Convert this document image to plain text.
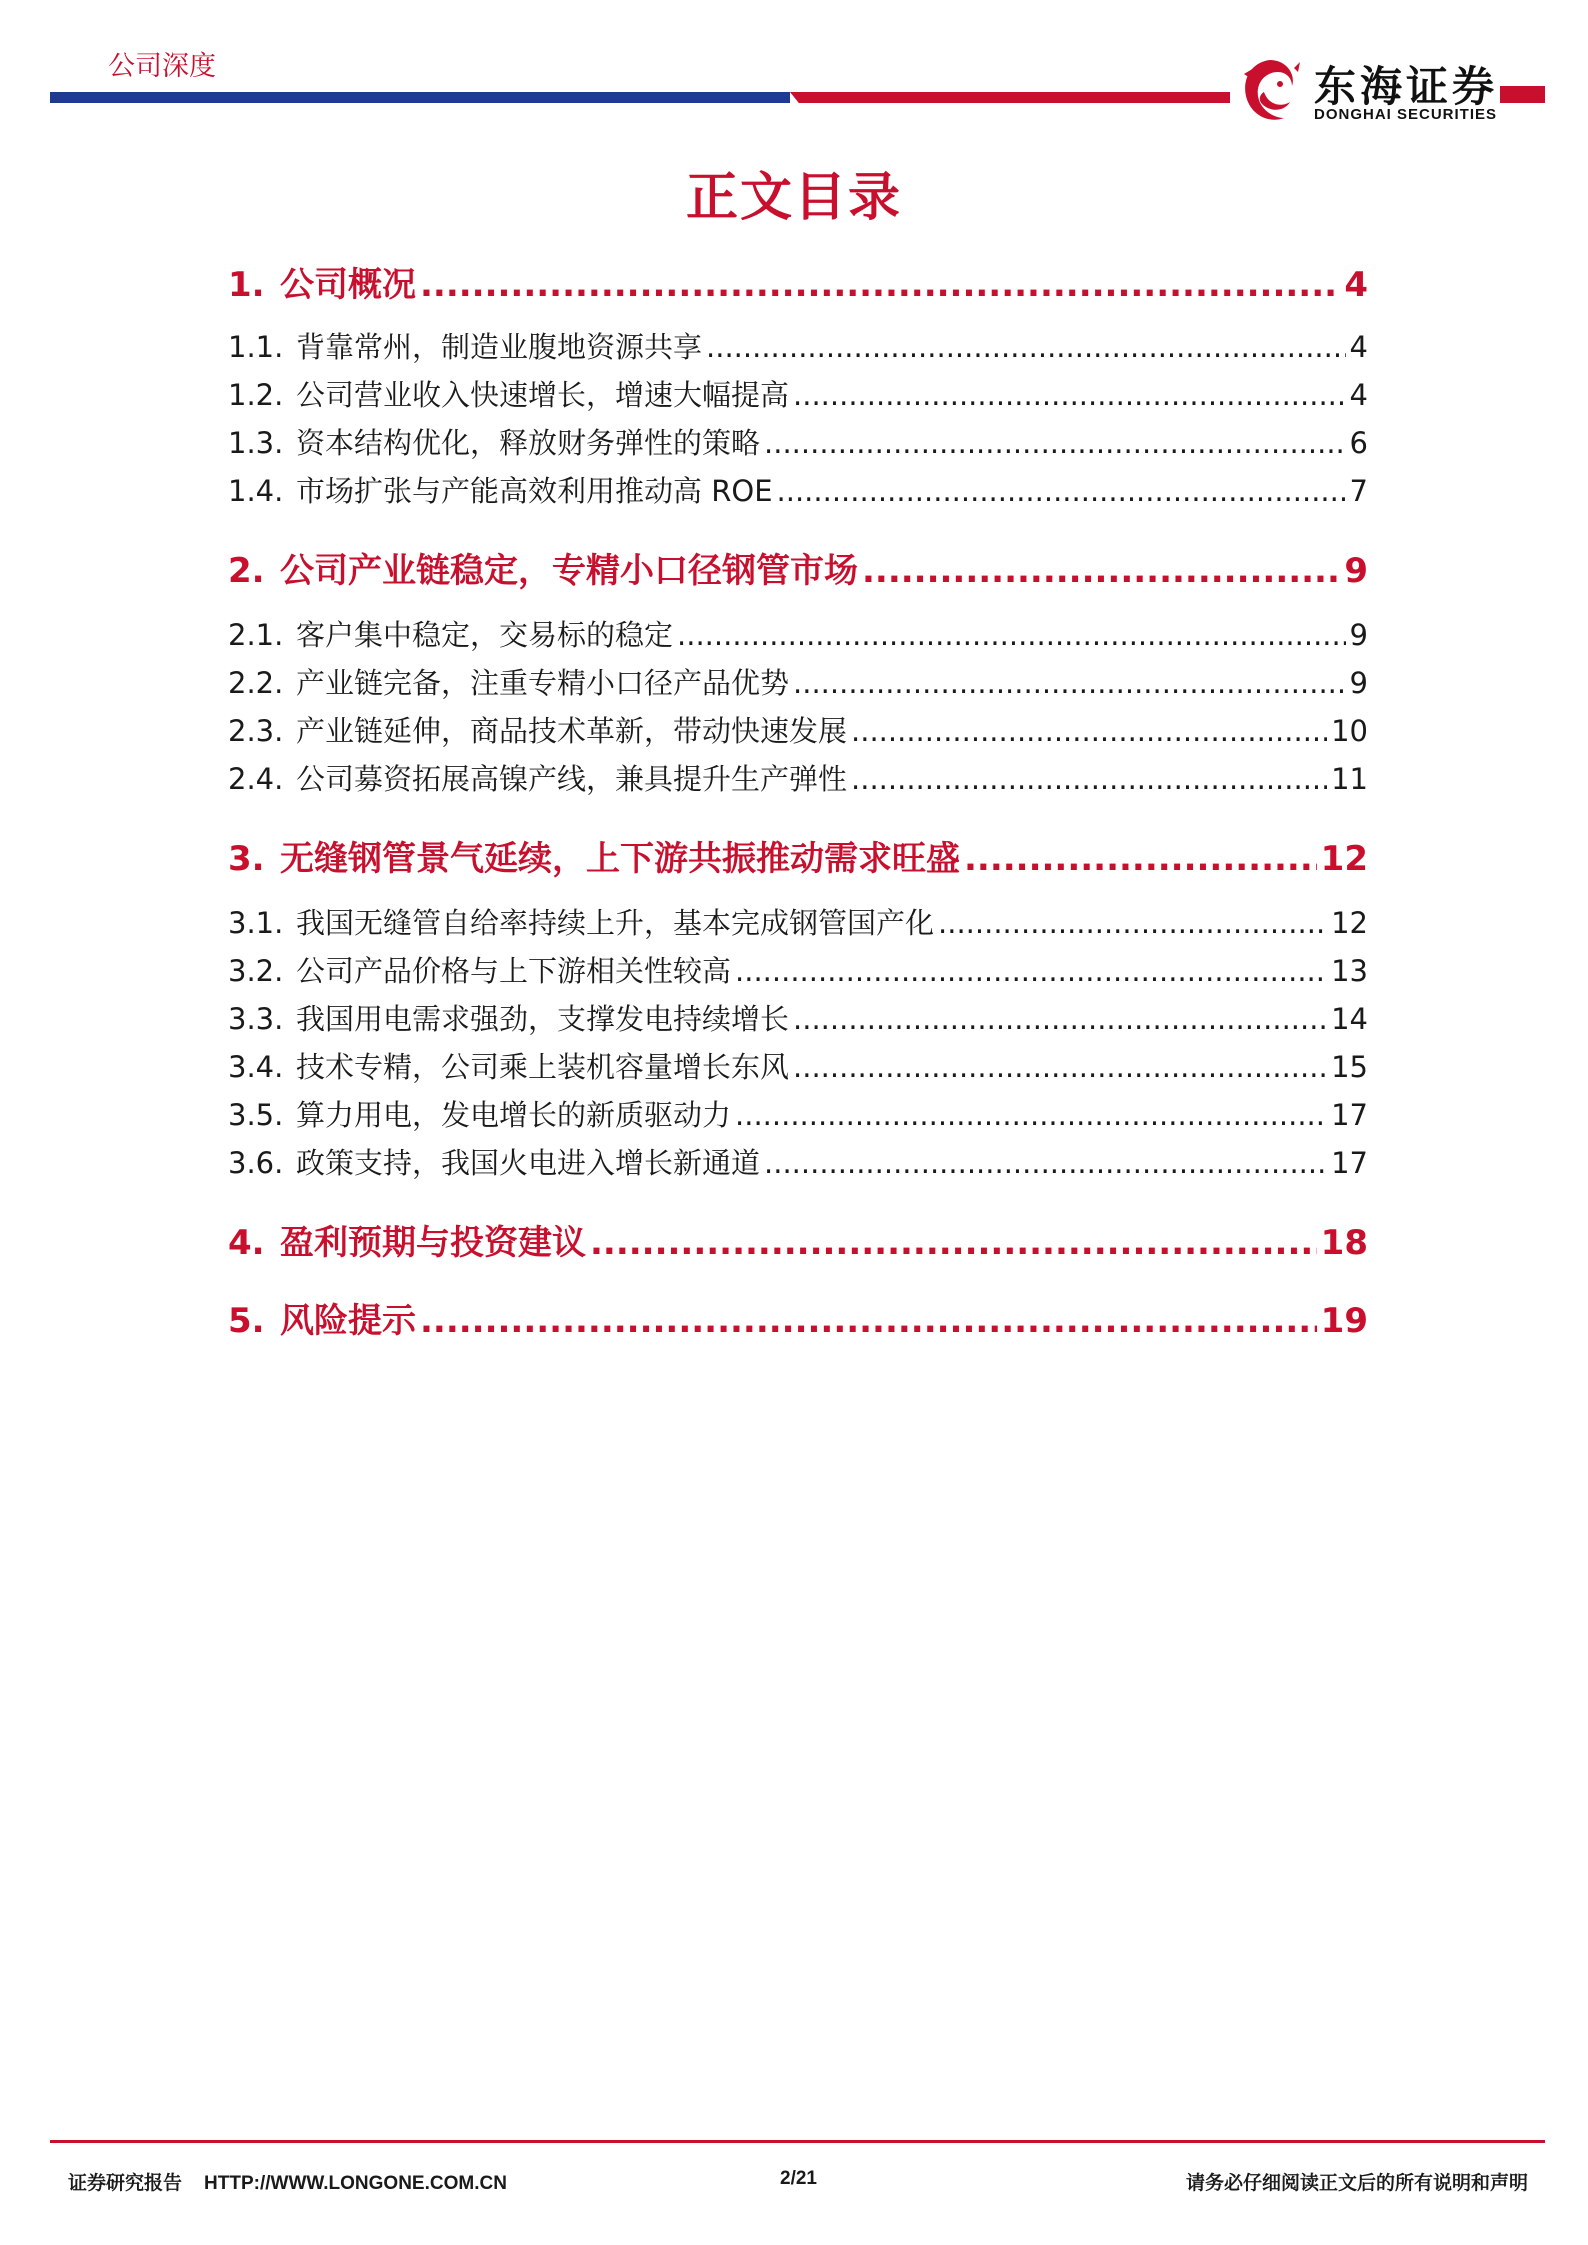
公司深度	东海证券
DONGHAI SECURITIES
正文目录
1. 公司概况 .....	4
1.1. 背靠常州，制造业腹地资源共享 .....	4
1.2. 公司营业收入快速增长，增速大幅提高 .....	4
1.3. 资本结构优化，释放财务弹性的策略 .....	6
1.4. 市场扩张与产能高效利用推动高 ROE .....	7
2. 公司产业链稳定，专精小口径钢管市场 .....	9
2.1. 客户集中稳定，交易标的稳定 .....	9
2.2. 产业链完备，注重专精小口径产品优势 .....	9
2.3. 产业链延伸，商品技术革新，带动快速发展 .....	10
2.4. 公司募资拓展高镍产线，兼具提升生产弹性 .....	11
3. 无缝钢管景气延续，上下游共振推动需求旺盛 .....	12
3.1. 我国无缝管自给率持续上升，基本完成钢管国产化 .....	12
3.2. 公司产品价格与上下游相关性较高 .....	13
3.3. 我国用电需求强劲，支撑发电持续增长 .....	14
3.4. 技术专精，公司乘上装机容量增长东风 .....	15
3.5. 算力用电，发电增长的新质驱动力 .....	17
3.6. 政策支持，我国火电进入增长新通道 .....	17
4. 盈利预期与投资建议 .....	18
5. 风险提示 .....	19
证券研究报告 HTTP://WWW.LONGONE.COM.CN	2/21	请务必仔细阅读正文后的所有说明和声明
